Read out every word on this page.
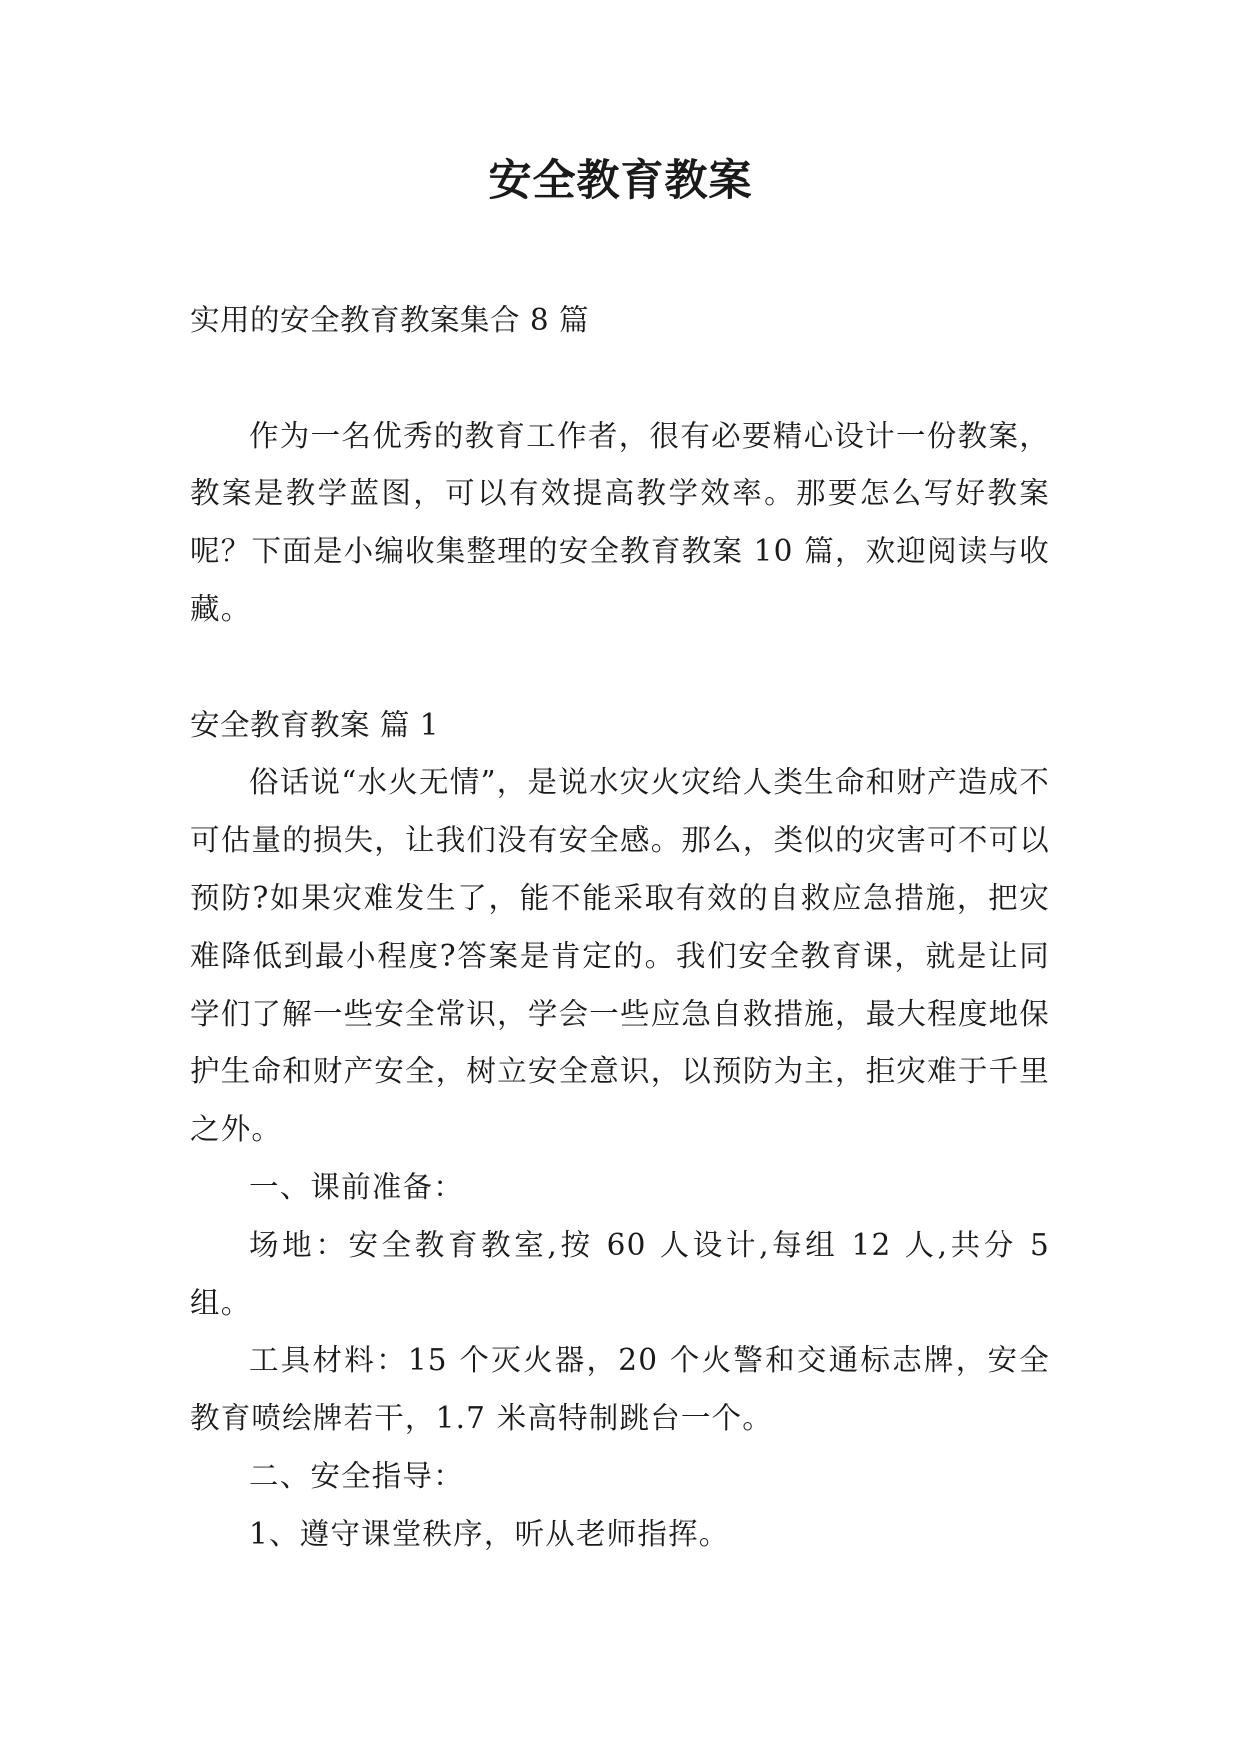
安全教育教案

实用的安全教育教案集合 8 篇

作为一名优秀的教育工作者，很有必要精心设计一份教案，教案是教学蓝图，可以有效提高教学效率。那要怎么写好教案呢？下面是小编收集整理的安全教育教案 10 篇，欢迎阅读与收藏。

安全教育教案 篇 1

俗话说“水火无情”，是说水灾火灾给人类生命和财产造成不可估量的损失，让我们没有安全感。那么，类似的灾害可不可以预防?如果灾难发生了，能不能采取有效的自救应急措施，把灾难降低到最小程度?答案是肯定的。我们安全教育课，就是让同学们了解一些安全常识，学会一些应急自救措施，最大程度地保护生命和财产安全，树立安全意识，以预防为主，拒灾难于千里之外。

一、课前准备：

场地：安全教育教室,按 60 人设计,每组 12 人,共分 5 组。

工具材料：15 个灭火器，20 个火警和交通标志牌，安全教育喷绘牌若干，1.7 米高特制跳台一个。

二、安全指导：

1、遵守课堂秩序，听从老师指挥。
